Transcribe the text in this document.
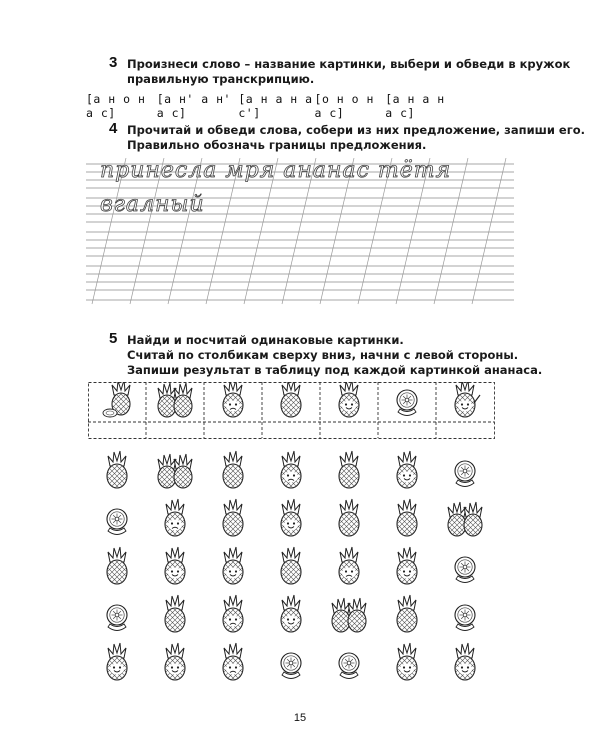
3 Произнеси слово – название картинки, выбери и обведи в кружок
правильную транскрипцию.
[а н о н а с]
[а н' а н' а с]
[а н а н а с']
[о н о н а с]
[а н а н а с]
4 Прочитай и обведи слова, собери из них предложение, запиши его.
Правильно обозначь границы предложения.
принесла мря ананас тётя
вгалный
5 Найди и посчитай одинаковые картинки.
Считай по столбикам сверху вниз, начни с левой стороны.
Запиши результат в таблицу под каждой картинкой ананаса.
15
